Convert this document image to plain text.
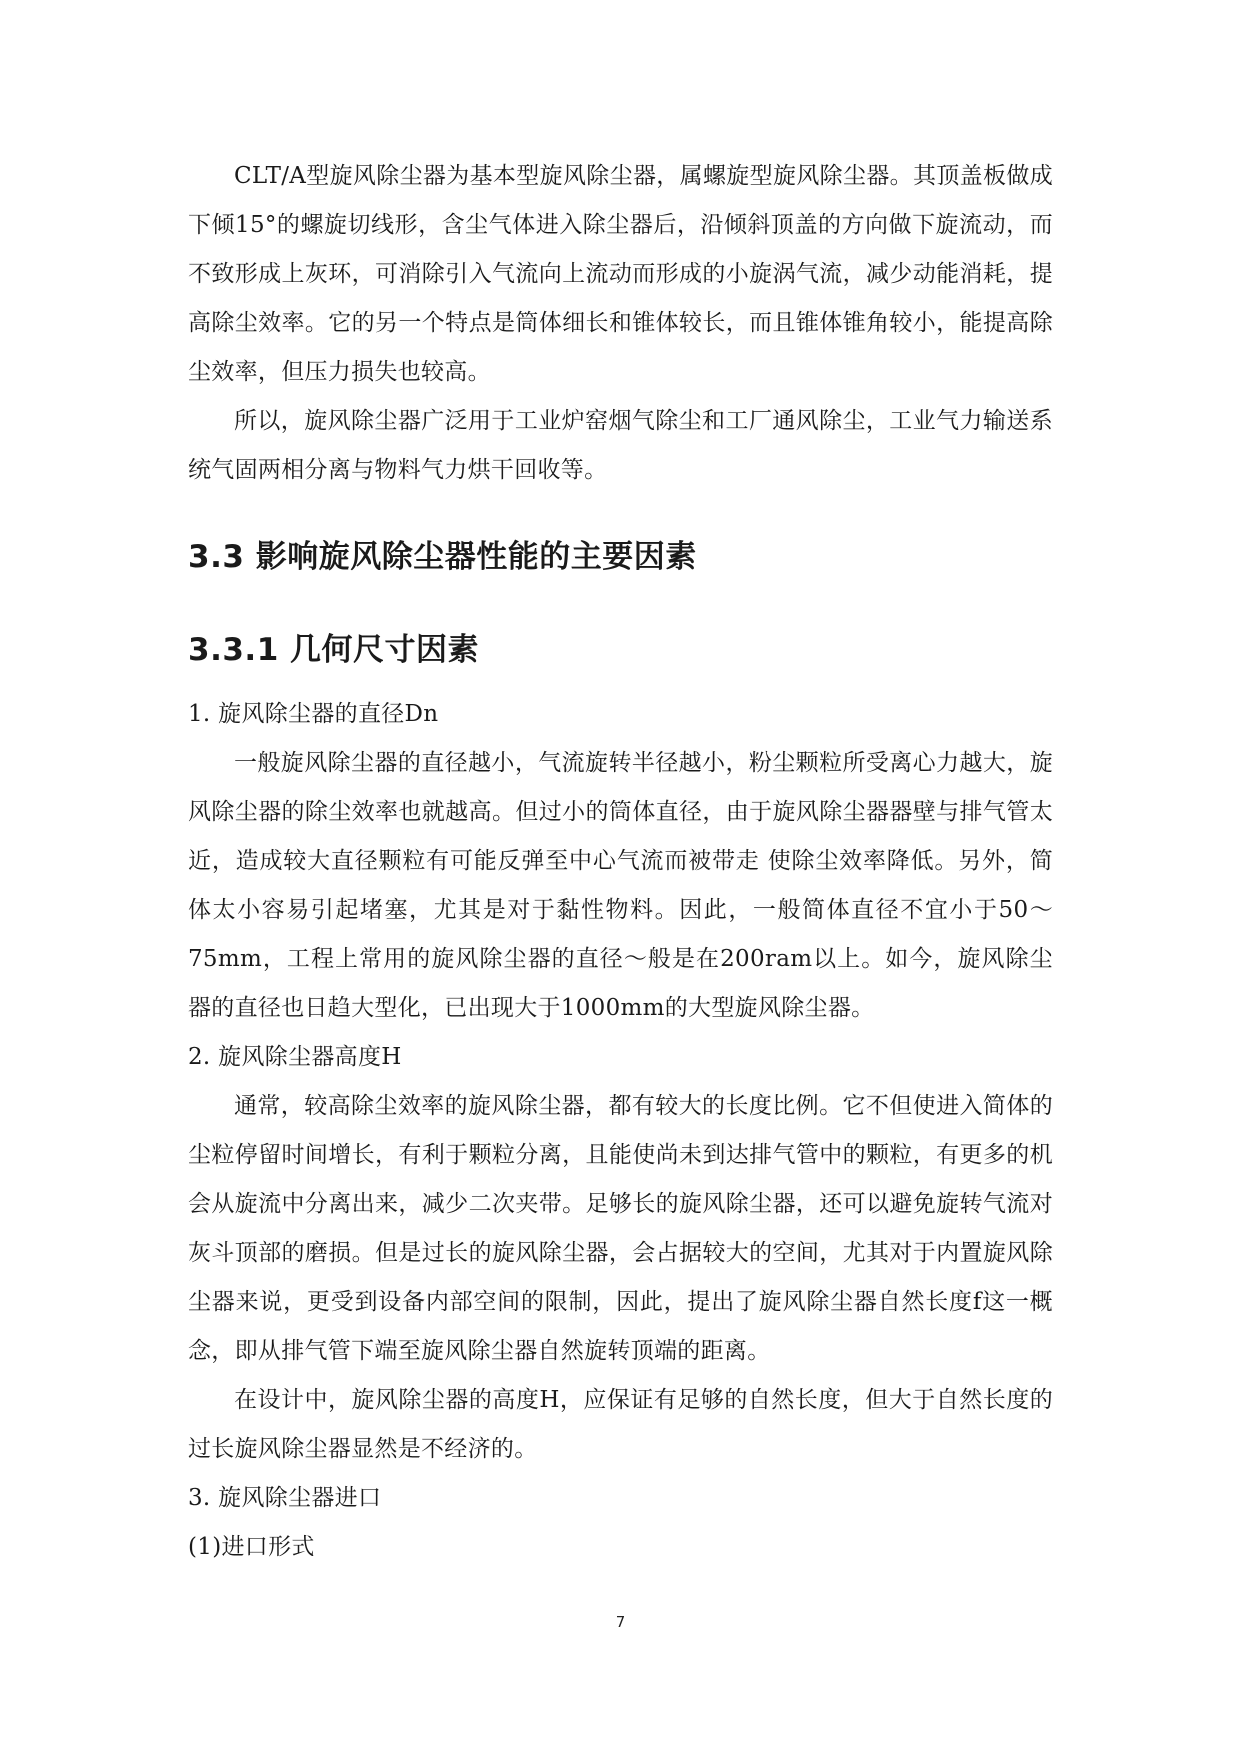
CLT/A型旋风除尘器为基本型旋风除尘器，属螺旋型旋风除尘器。其顶盖板做成下倾15°的螺旋切线形，含尘气体进入除尘器后，沿倾斜顶盖的方向做下旋流动，而不致形成上灰环，可消除引入气流向上流动而形成的小旋涡气流，减少动能消耗，提高除尘效率。它的另一个特点是筒体细长和锥体较长，而且锥体锥角较小，能提高除尘效率，但压力损失也较高。

所以，旋风除尘器广泛用于工业炉窑烟气除尘和工厂通风除尘，工业气力输送系统气固两相分离与物料气力烘干回收等。

3.3 影响旋风除尘器性能的主要因素
3.3.1 几何尺寸因素

1. 旋风除尘器的直径Dn

一般旋风除尘器的直径越小，气流旋转半径越小，粉尘颗粒所受离心力越大，旋风除尘器的除尘效率也就越高。但过小的筒体直径，由于旋风除尘器器壁与排气管太近，造成较大直径颗粒有可能反弹至中心气流而被带走 使除尘效率降低。另外，简体太小容易引起堵塞，尤其是对于黏性物料。因此，一般简体直径不宜小于50～75mm，工程上常用的旋风除尘器的直径～般是在200ram以上。如今，旋风除尘器的直径也日趋大型化，已出现大于1000mm的大型旋风除尘器。

2. 旋风除尘器高度H

通常，较高除尘效率的旋风除尘器，都有较大的长度比例。它不但使进入简体的尘粒停留时间增长，有利于颗粒分离，且能使尚未到达排气管中的颗粒，有更多的机会从旋流中分离出来，减少二次夹带。足够长的旋风除尘器，还可以避免旋转气流对灰斗顶部的磨损。但是过长的旋风除尘器，会占据较大的空间，尤其对于内置旋风除尘器来说，更受到设备内部空间的限制，因此，提出了旋风除尘器自然长度f这一概念，即从排气管下端至旋风除尘器自然旋转顶端的距离。

在设计中，旋风除尘器的高度H，应保证有足够的自然长度，但大于自然长度的过长旋风除尘器显然是不经济的。

3. 旋风除尘器进口

(1)进口形式

7
